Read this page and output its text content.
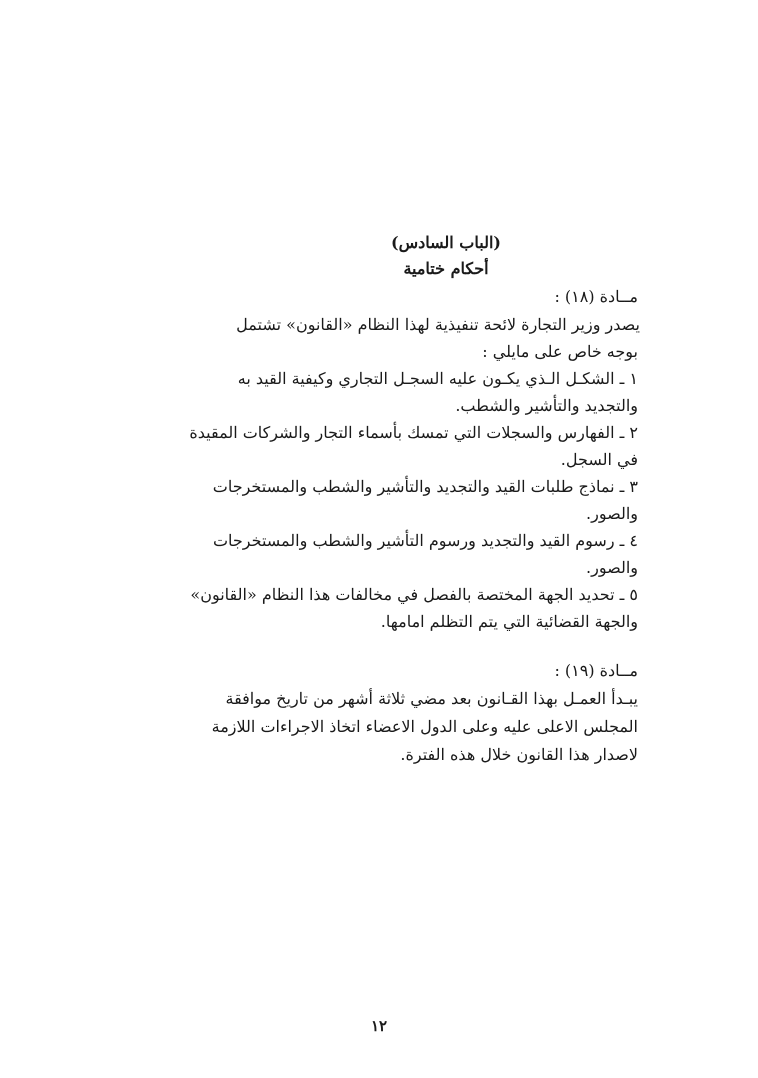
(الباب السادس)
أحكام ختامية
مــادة (١٨) :
يصدر وزير التجارة لائحة تنفيذية لهذا النظام «القانون» تشتمل
بوجه خاص على مايلي :
١ ـ الشكـل الـذي يكـون عليه السجـل التجاري وكيفية القيد به
والتجديد والتأشير والشطب.
٢ ـ الفهارس والسجلات التي تمسك بأسماء التجار والشركات المقيدة
في السجل.
٣ ـ نماذج طلبات القيد والتجديد والتأشير والشطب والمستخرجات
والصور.
٤ ـ رسوم القيد والتجديد ورسوم التأشير والشطب والمستخرجات
والصور.
٥ ـ تحديد الجهة المختصة بالفصل في مخالفات هذا النظام «القانون»
والجهة القضائية التي يتم التظلم امامها.
مــادة (١٩) :
يبـدأ العمـل بهذا القـانون بعد مضي ثلاثة أشهر من تاريخ موافقة
المجلس الاعلى عليه وعلى الدول الاعضاء اتخاذ الاجراءات اللازمة
لاصدار هذا القانون خلال هذه الفترة.
١٢
